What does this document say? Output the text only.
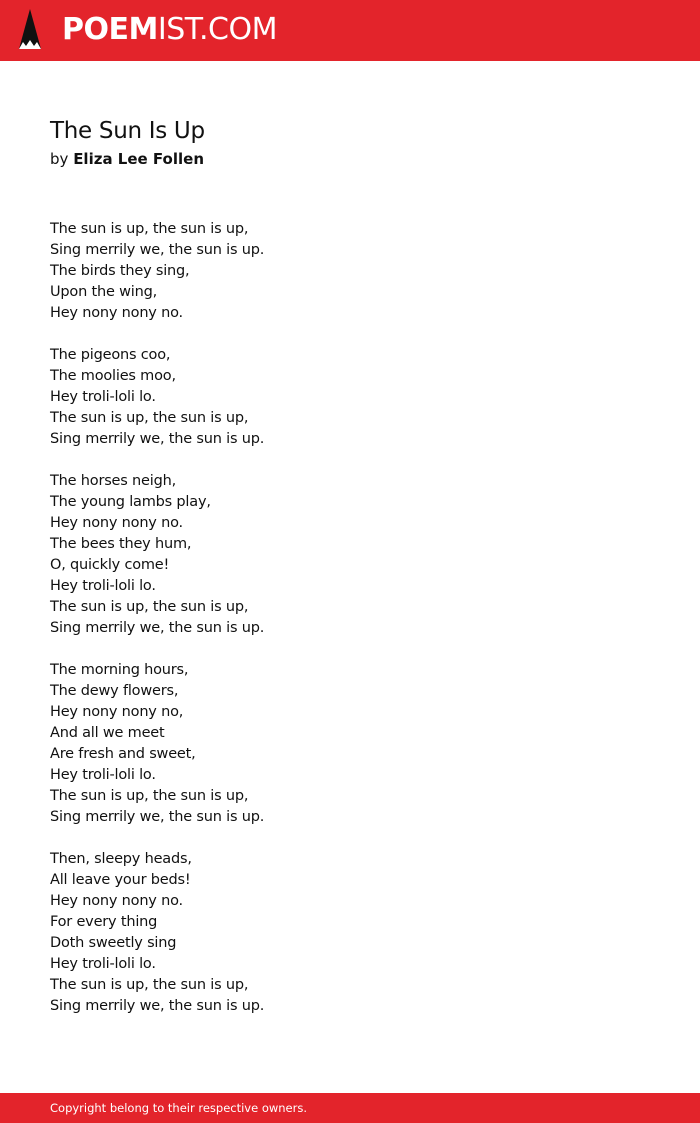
POEMIST.COM
The Sun Is Up
by Eliza Lee Follen
The sun is up, the sun is up,
Sing merrily we, the sun is up.
The birds they sing,
Upon the wing,
Hey nony nony no.
The pigeons coo,
The moolies moo,
Hey troli-loli lo.
The sun is up, the sun is up,
Sing merrily we, the sun is up.
The horses neigh,
The young lambs play,
Hey nony nony no.
The bees they hum,
O, quickly come!
Hey troli-loli lo.
The sun is up, the sun is up,
Sing merrily we, the sun is up.
The morning hours,
The dewy flowers,
Hey nony nony no,
And all we meet
Are fresh and sweet,
Hey troli-loli lo.
The sun is up, the sun is up,
Sing merrily we, the sun is up.
Then, sleepy heads,
All leave your beds!
Hey nony nony no.
For every thing
Doth sweetly sing
Hey troli-loli lo.
The sun is up, the sun is up,
Sing merrily we, the sun is up.
Copyright belong to their respective owners.
